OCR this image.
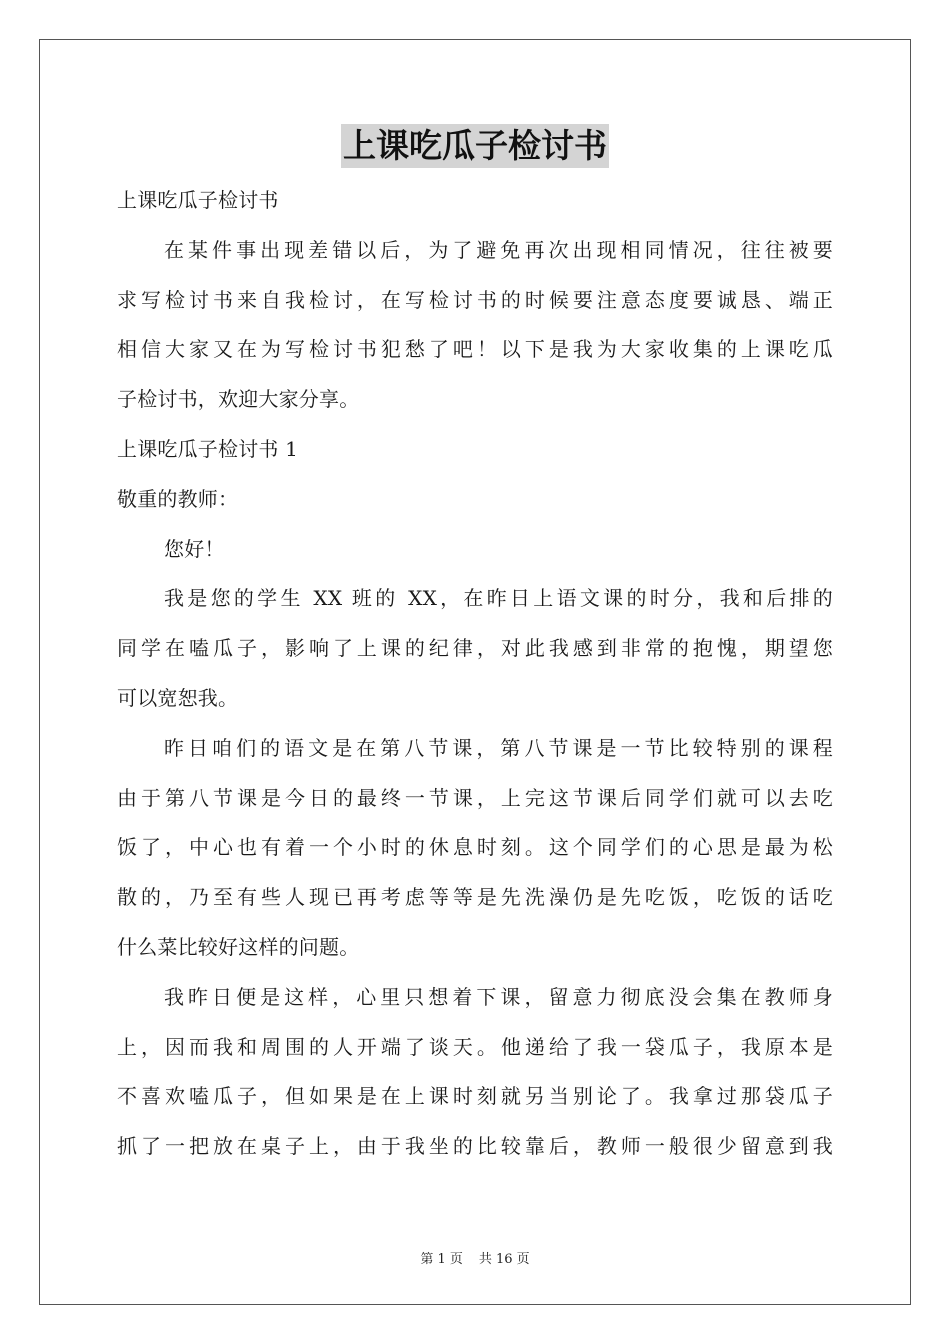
上课吃瓜子检讨书
上课吃瓜子检讨书
在某件事出现差错以后，为了避免再次出现相同情况，往往被要
求写检讨书来自我检讨，在写检讨书的时候要注意态度要诚恳、端正
相信大家又在为写检讨书犯愁了吧！以下是我为大家收集的上课吃瓜
子检讨书，欢迎大家分享。
上课吃瓜子检讨书 1
敬重的教师：
您好！
我是您的学生 XX 班的 XX，在昨日上语文课的时分，我和后排的
同学在嗑瓜子，影响了上课的纪律，对此我感到非常的抱愧，期望您
可以宽恕我。
昨日咱们的语文是在第八节课，第八节课是一节比较特别的课程
由于第八节课是今日的最终一节课，上完这节课后同学们就可以去吃
饭了，中心也有着一个小时的休息时刻。这个同学们的心思是最为松
散的，乃至有些人现已再考虑等等是先洗澡仍是先吃饭，吃饭的话吃
什么菜比较好这样的问题。
我昨日便是这样，心里只想着下课，留意力彻底没会集在教师身
上，因而我和周围的人开端了谈天。他递给了我一袋瓜子，我原本是
不喜欢嗑瓜子，但如果是在上课时刻就另当别论了。我拿过那袋瓜子
抓了一把放在桌子上，由于我坐的比较靠后，教师一般很少留意到我
第 1 页 共 16 页
